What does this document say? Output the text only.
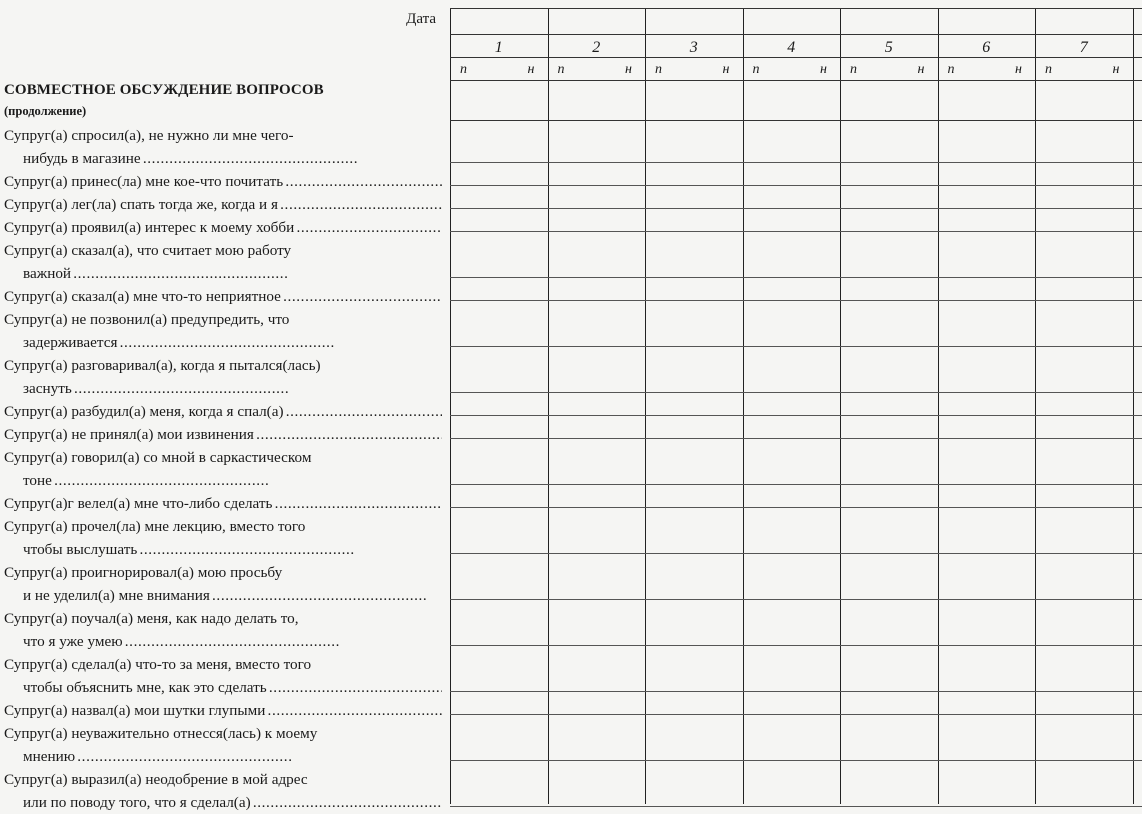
Дата
СОВМЕСТНОЕ ОБСУЖДЕНИЕ ВОПРОСОВ
(продолжение)
Супруг(а) спросил(а), не нужно ли мне чего-
нибудь в магазине . . .
Супруг(а) принес(ла) мне кое-что почитать . . .
Супруг(а) лег(ла) спать тогда же, когда и я . . .
Супруг(а) проявил(а) интерес к моему хобби . . .
Супруг(а) сказал(а), что считает мою работу
важной . . .
Супруг(а) сказал(а) мне что-то неприятное . . .
Супруг(а) не позвонил(а) предупредить, что
задерживается . . .
Супруг(а) разговаривал(а), когда я пытался(лась)
заснуть . . .
Супруг(а) разбудил(а) меня, когда я спал(а) . . .
Супруг(а) не принял(а) мои извинения . . .
Супруг(а) говорил(а) со мной в саркастическом
тоне . . .
Супруг(а)г велел(а) мне что-либо сделать . . .
Супруг(а) прочел(ла) мне лекцию, вместо того
чтобы выслушать . . .
Супруг(а) проигнорировал(а) мою просьбу
и не уделил(а) мне внимания . . .
Супруг(а) поучал(а) меня, как надо делать то,
что я уже умею . . .
Супруг(а) сделал(а) что-то за меня, вместо того
чтобы объяснить мне, как это сделать . . .
Супруг(а) назвал(а) мои шутки глупыми . . .
Супруг(а) неуважительно отнесся(лась) к моему
мнению . . .
Супруг(а) выразил(а) неодобрение в мой адрес
или по поводу того, что я сделал(а) . . .
1
п	н
2
п	н
3
п	н
4
п	н
5
п	н
6
п	н
7
п	н
